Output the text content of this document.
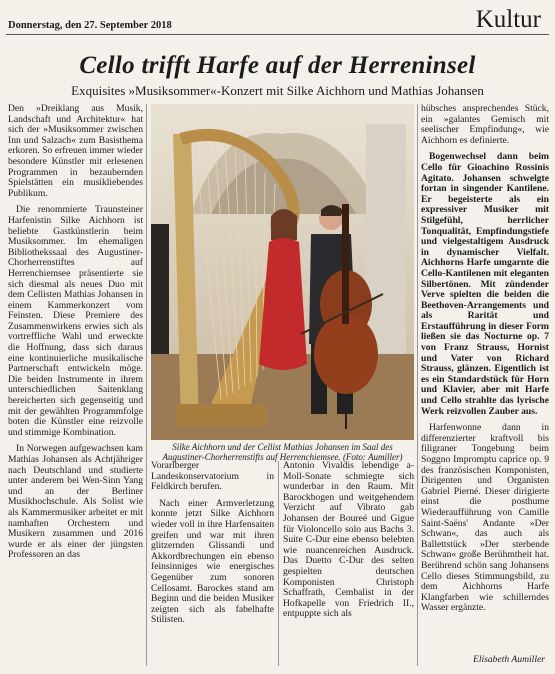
Donnerstag, den 27. September 2018	Kultur
Cello trifft Harfe auf der Herreninsel
Exquisites »Musiksommer«-Konzert mit Silke Aichhorn und Mathias Johansen

Den »Dreiklang aus Musik, Landschaft und Architektur« hat sich der »Musiksommer zwischen Inn und Salzach« zum Basisthema erkoren. So erfreuen immer wieder besondere Künstler mit erlesenen Programmen in bezaubernden Spielstätten ein musikliebendes Publikum.

Die renommierte Traunsteiner Harfenistin Silke Aichhorn ist beliebte Gastkünstlerin beim Musiksommer. Im ehemaligen Bibliothekssaal des Augustiner-Chorherrenstiftes auf Herrenchiemsee präsentierte sie sich diesmal als neues Duo mit dem Cellisten Mathias Johansen in einem Kammerkonzert vom Feinsten. Diese Premiere des Zusammenwirkens erwies sich als vortreffliche Wahl und erweckte die Hoffnung, dass sich daraus eine kontinuierliche musikalische Partnerschaft entwickeln möge. Die beiden Instrumente in ihrem unterschiedlichen Saitenklang bereicherten sich gegenseitig und mit der gewählten Programmfolge boten die Künstler eine reizvolle und stimmige Kombination.

In Norwegen aufgewachsen kam Mathias Johansen als Achtjähriger nach Deutschland und studierte unter anderem bei Wen-Sinn Yang und an der Berliner Musikhochschule. Als Solist wie als Kammermusiker arbeitet er mit namhaften Orchestern und Musikern zusammen und 2016 wurde er als einer der jüngsten Professoren an das

Silke Aichhorn und der Cellist Mathias Johansen im Saal des Augustiner-Chorherrenstifts auf Herrenchiemsee. (Foto: Aumiller)

Vorarlberger Landeskonservatorium in Feldkirch berufen.

Nach einer Armverletzung konnte jetzt Silke Aichhorn wieder voll in ihre Harfensaiten greifen und war mit ihren glitzernden Glissandi und Akkordbrechungen ein ebenso feinsinniges wie energisches Gegenüber zum sonoren Cellosamt. Barockes stand am Beginn und die beiden Musiker zeigten sich als fabelhafte Stilisten.

Antonio Vivaldis lebendige a-Moll-Sonate schmiegte sich wunderbar in den Raum. Mit Barockbogen und weitgehendem Verzicht auf Vibrato gab Johansen der Boureé und Gigue für Violoncello solo aus Bachs 3. Suite C-Dur eine ebenso belebten wie nuancenreichen Ausdruck. Das Duetto C-Dur des selten gespielten deutschen Komponisten Christoph Schaffrath, Cembalist in der Hofkapelle von Friedrich II., entpuppte sich als

hübsches ansprechendes Stück, ein »galantes Gemisch mit seelischer Empfindung«, wie Aichhorn es definierte.

Bogenwechsel dann beim Cello für Gioachino Rossinis Agitato. Johansen schwelgte fortan in singender Kantilene. Er begeisterte als ein expressiver Musiker mit Stilgefühl, herrlicher Tonqualität, Empfindungstiefe und vielgestaltigem Ausdruck in dynamischer Vielfalt. Aichhorns Harfe umgarnte die Cello-Kantilenen mit eleganten Silbertönen. Mit zündender Verve spielten die beiden die Beethoven-Arrangements und als Rarität und Erstaufführung in dieser Form ließen sie das Nocturne op. 7 von Franz Strauss, Hornist und Vater von Richard Strauss, glänzen. Eigentlich ist es ein Standardstück für Horn und Klavier, aber mit Harfe und Cello strahlte das lyrische Werk reizvollen Zauber aus.

Harfenwonne dann in differenzierter kraftvoll bis filigraner Tongebung beim Soggno Impromptu caprice op. 9 des französischen Komponisten, Dirigenten und Organisten Gabriel Pierné. Dieser dirigierte einst die posthume Wiederaufführung von Camille Saint-Saëns' Andante »Der Schwan«, das auch als Ballettstück »Der sterbende Schwan« große Berühmtheit hat. Berührend schön sang Johansens Cello dieses Stimmungsbild, zu dem Aichhorns Harfe Klangfarben wie schillerndes Wasser ergänzte.

Elisabeth Aumiller
